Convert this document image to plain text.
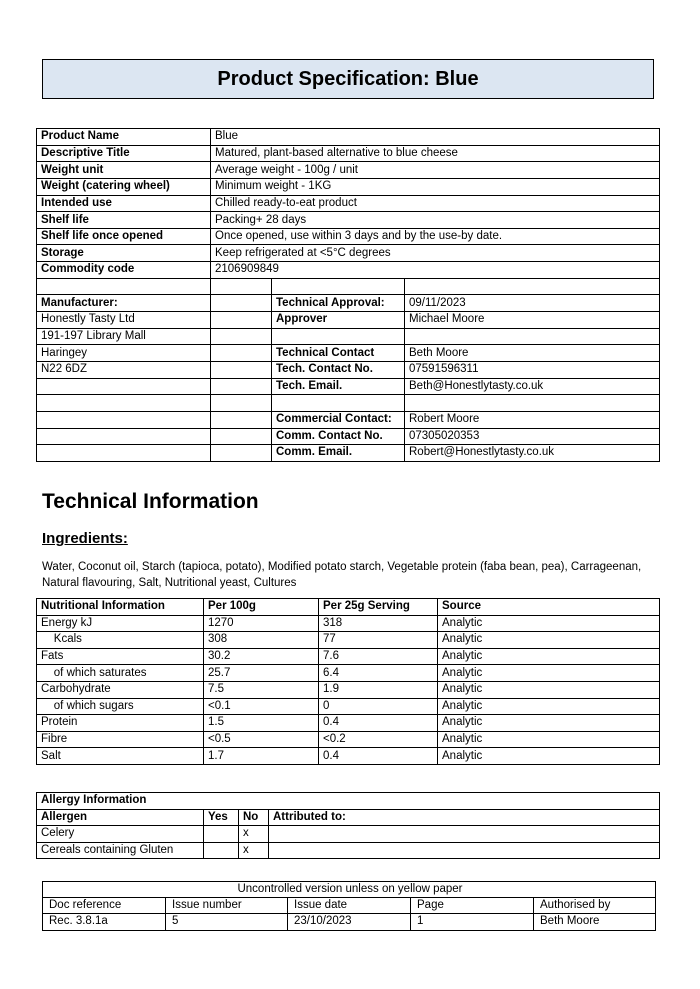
Product Specification: Blue
Product Name	Blue		
Descriptive Title	Matured, plant-based alternative to blue cheese		
Weight unit	Average weight - 100g / unit		
Weight (catering wheel)	Minimum weight - 1KG		
Intended use	Chilled ready-to-eat product		
Shelf life	Packing+ 28 days		
Shelf life once opened	Once opened, use within 3 days and by the use-by date.		
Storage	Keep refrigerated at <5°C degrees		
Commodity code	2106909849		

Manufacturer:		Technical Approval:	09/11/2023
Honestly Tasty Ltd		Approver	Michael Moore
191-197 Library Mall			
Haringey		Technical Contact	Beth Moore
N22 6DZ		Tech. Contact No.	07591596311
		Tech. Email.	Beth@Honestlytasty.co.uk

		Commercial Contact:	Robert Moore
		Comm. Contact No.	07305020353
		Comm. Email.	Robert@Honestlytasty.co.uk
Technical Information
Ingredients:
Water, Coconut oil, Starch (tapioca, potato), Modified potato starch, Vegetable protein (faba bean, pea), Carrageenan, Natural flavouring, Salt, Nutritional yeast, Cultures
Nutritional Information	Per 100g	Per 25g Serving	Source
Energy kJ	1270	318	Analytic
Kcals	308	77	Analytic
Fats	30.2	7.6	Analytic
of which saturates	25.7	6.4	Analytic
Carbohydrate	7.5	1.9	Analytic
of which sugars	<0.1	0	Analytic
Protein	1.5	0.4	Analytic
Fibre	<0.5	<0.2	Analytic
Salt	1.7	0.4	Analytic
Allergy Information			
Allergen	Yes	No	Attributed to:
Celery		x	
Cereals containing Gluten		x	
Uncontrolled version unless on yellow paper				
Doc reference	Issue number	Issue date	Page	Authorised by
Rec. 3.8.1a	5	23/10/2023	1	Beth Moore
